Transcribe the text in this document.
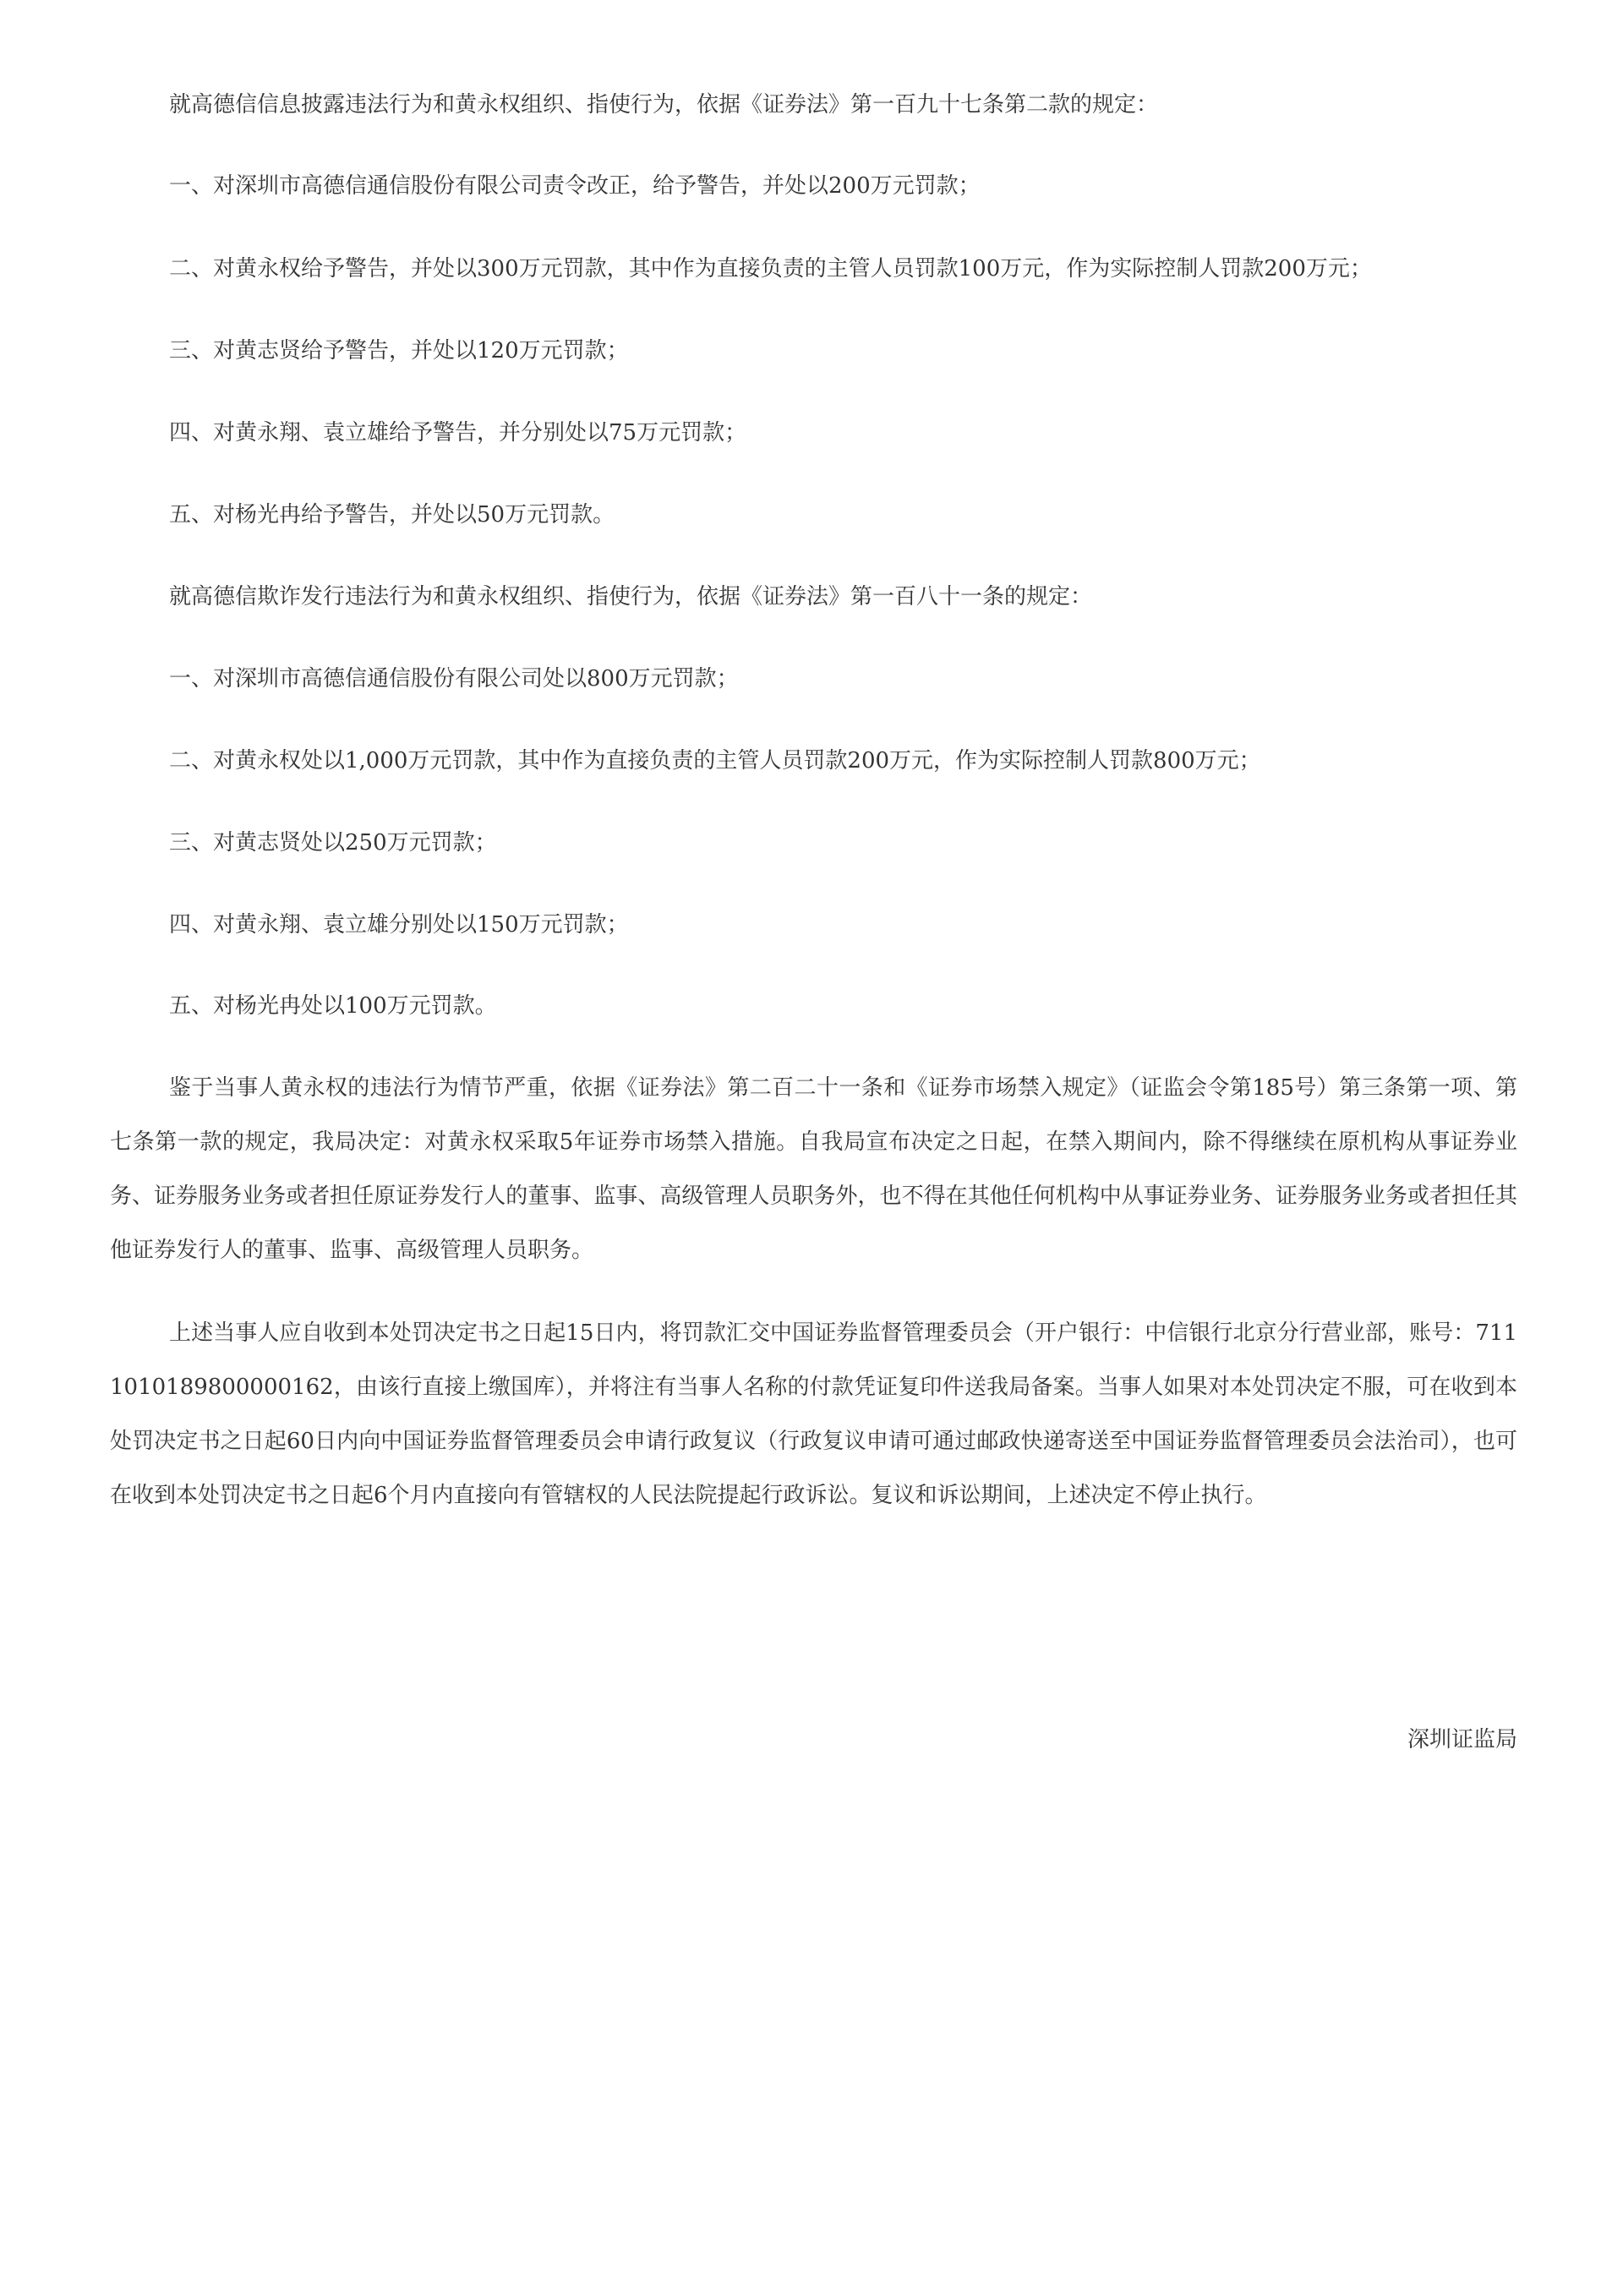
就高德信信息披露违法行为和黄永权组织、指使行为，依据《证券法》第一百九十七条第二款的规定：
一、对深圳市高德信通信股份有限公司责令改正，给予警告，并处以200万元罚款；
二、对黄永权给予警告，并处以300万元罚款，其中作为直接负责的主管人员罚款100万元，作为实际控制人罚款200万元；
三、对黄志贤给予警告，并处以120万元罚款；
四、对黄永翔、袁立雄给予警告，并分别处以75万元罚款；
五、对杨光冉给予警告，并处以50万元罚款。
就高德信欺诈发行违法行为和黄永权组织、指使行为，依据《证券法》第一百八十一条的规定：
一、对深圳市高德信通信股份有限公司处以800万元罚款；
二、对黄永权处以1,000万元罚款，其中作为直接负责的主管人员罚款200万元，作为实际控制人罚款800万元；
三、对黄志贤处以250万元罚款；
四、对黄永翔、袁立雄分别处以150万元罚款；
五、对杨光冉处以100万元罚款。
鉴于当事人黄永权的违法行为情节严重，依据《证券法》第二百二十一条和《证券市场禁入规定》（证监会令第185号）第三条第一项、第七条第一款的规定，我局决定：对黄永权采取5年证券市场禁入措施。自我局宣布决定之日起，在禁入期间内，除不得继续在原机构从事证券业务、证券服务业务或者担任原证券发行人的董事、监事、高级管理人员职务外，也不得在其他任何机构中从事证券业务、证券服务业务或者担任其他证券发行人的董事、监事、高级管理人员职务。
上述当事人应自收到本处罚决定书之日起15日内，将罚款汇交中国证券监督管理委员会（开户银行：中信银行北京分行营业部，账号：7111010189800000162，由该行直接上缴国库），并将注有当事人名称的付款凭证复印件送我局备案。当事人如果对本处罚决定不服，可在收到本处罚决定书之日起60日内向中国证券监督管理委员会申请行政复议（行政复议申请可通过邮政快递寄送至中国证券监督管理委员会法治司），也可在收到本处罚决定书之日起6个月内直接向有管辖权的人民法院提起行政诉讼。复议和诉讼期间，上述决定不停止执行。
深圳证监局
